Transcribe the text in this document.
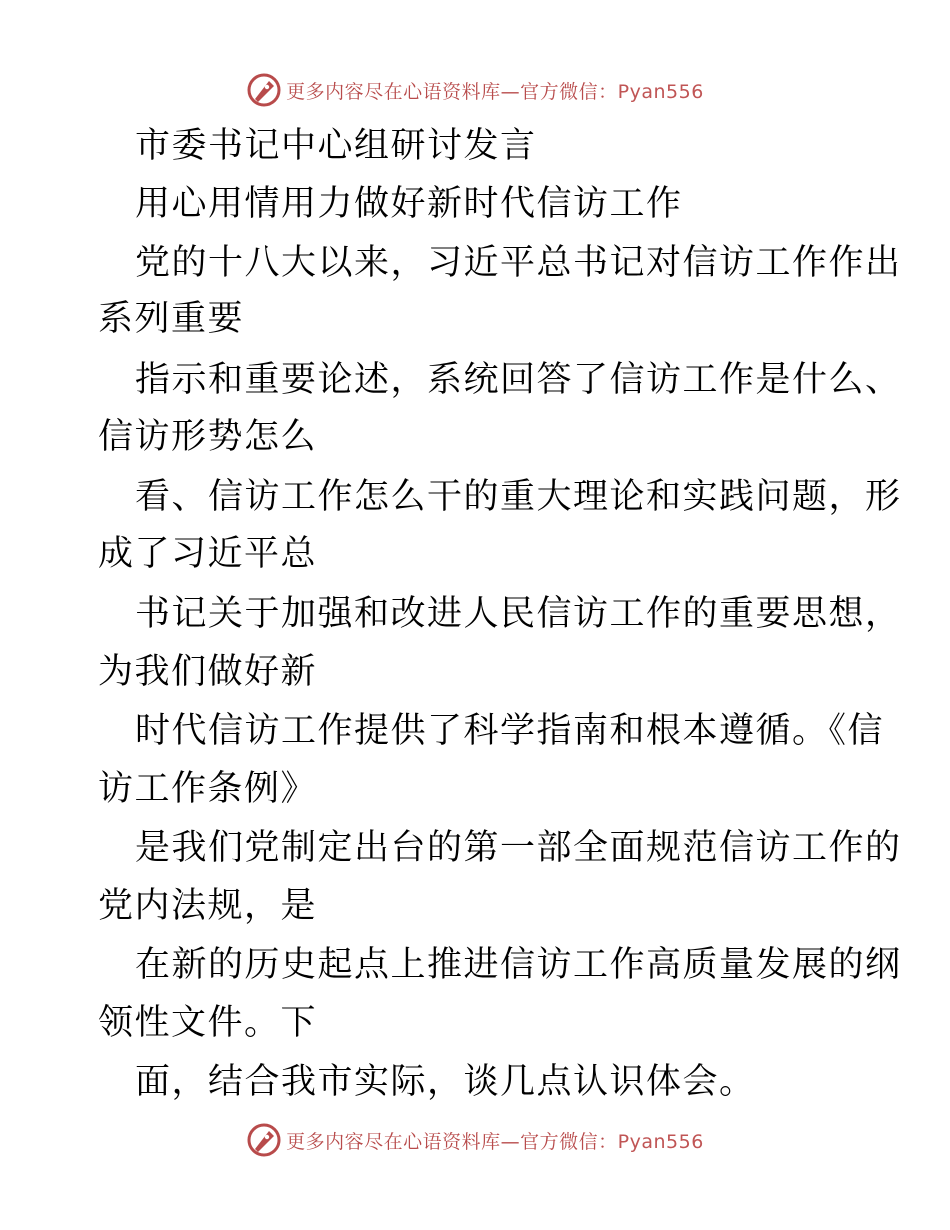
更多内容尽在心语资料库—官方微信：Pyan556
市委书记中心组研讨发言
用心用情用力做好新时代信访工作
党的十八大以来，习近平总书记对信访工作作出
系列重要
指示和重要论述，系统回答了信访工作是什么、
信访形势怎么
看、信访工作怎么干的重大理论和实践问题，形
成了习近平总
书记关于加强和改进人民信访工作的重要思想，
为我们做好新
时代信访工作提供了科学指南和根本遵循。《信
访工作条例》
是我们党制定出台的第一部全面规范信访工作的
党内法规，是
在新的历史起点上推进信访工作高质量发展的纲
领性文件。下
面，结合我市实际，谈几点认识体会。
更多内容尽在心语资料库—官方微信：Pyan556
